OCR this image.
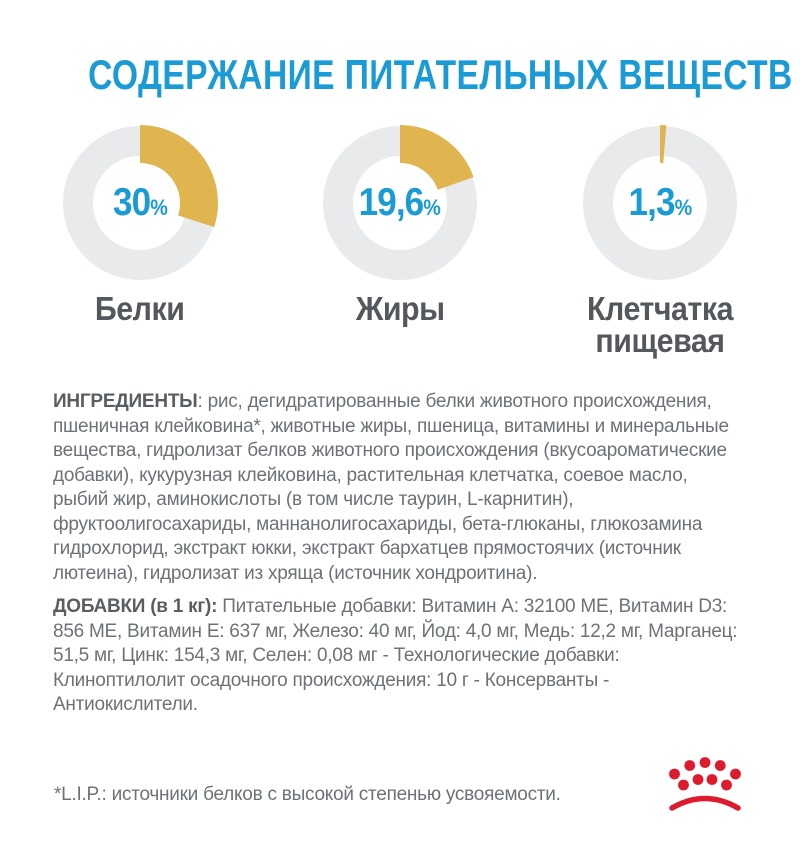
СОДЕРЖАНИЕ ПИТАТЕЛЬНЫХ ВЕЩЕСТВ
30%
Белки
19,6%
Жиры
1,3%
Клетчатка пищевая

ИНГРЕДИЕНТЫ: рис, дегидратированные белки животного происхождения, пшеничная клейковина*, животные жиры, пшеница, витамины и минеральные вещества, гидролизат белков животного происхождения (вкусоароматические добавки), кукурузная клейковина, растительная клетчатка, соевое масло, рыбий жир, аминокислоты (в том числе таурин, L-карнитин), фруктоолигосахариды, маннанолигосахариды, бета-глюканы, глюкозамина гидрохлорид, экстракт юкки, экстракт бархатцев прямостоячих (источник лютеина), гидролизат из хряща (источник хондроитина).

ДОБАВКИ (в 1 кг): Питательные добавки: Витамин A: 32100 МЕ, Витамин D3: 856 МЕ, Витамин E: 637 мг, Железо: 40 мг, Йод: 4,0 мг, Медь: 12,2 мг, Марганец: 51,5 мг, Цинк: 154,3 мг, Селен: 0,08 мг - Технологические добавки: Клиноптилолит осадочного происхождения: 10 г - Консерванты - Антиокислители.

*L.I.P.: источники белков с высокой степенью усвояемости.
